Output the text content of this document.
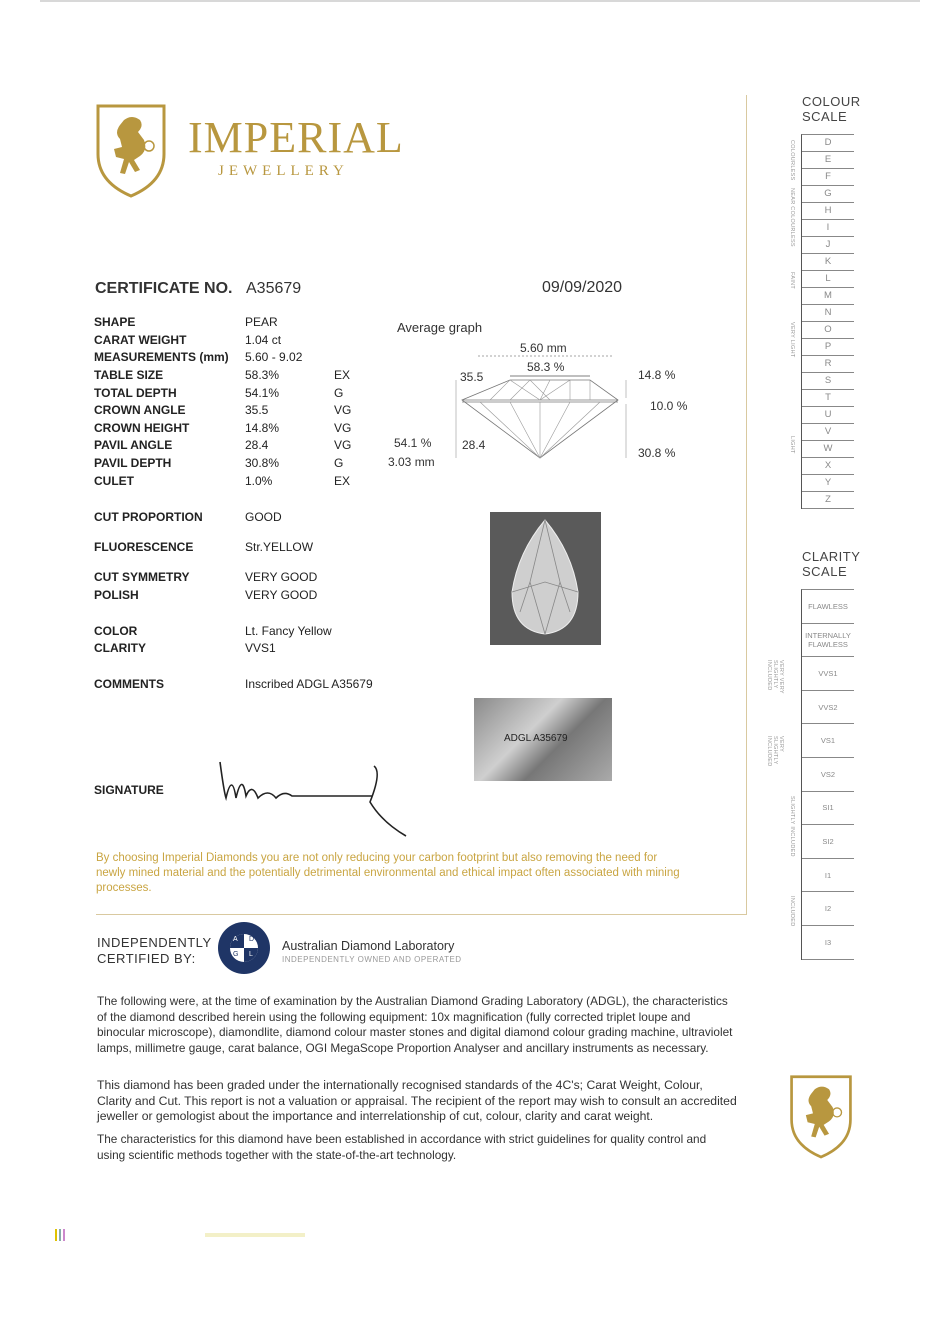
IMPERIAL
JEWELLERY
CERTIFICATE NO. A35679	09/09/2020
SHAPE	PEAR
CARAT WEIGHT	1.04 ct
MEASUREMENTS (mm) 5.60 - 9.02
TABLE SIZE	58.3%	EX
TOTAL DEPTH	54.1%	G
CROWN ANGLE	35.5	VG
CROWN HEIGHT	14.8%	VG
PAVIL ANGLE	28.4	VG
PAVIL DEPTH	30.8%	G
CULET	1.0%	EX
CUT PROPORTION	GOOD
FLUORESCENCE	Str.YELLOW
CUT SYMMETRY	VERY GOOD
POLISH	VERY GOOD
COLOR	Lt. Fancy Yellow
CLARITY	VVS1
COMMENTS	Inscribed ADGL A35679
Average graph
5.60 mm
58.3 %
35.5	14.8 %
10.0 %
28.4
54.1 %
3.03 mm
30.8 %
ADGL A35679
SIGNATURE
By choosing Imperial Diamonds you are not only reducing your carbon footprint but also removing the need for newly mined material and the potentially detrimental environmental and ethical impact often associated with mining processes.
INDEPENDENTLY
CERTIFIED BY:
A D
G L
Australian Diamond Laboratory
INDEPENDENTLY OWNED AND OPERATED
The following were, at the time of examination by the Australian Diamond Grading Laboratory (ADGL), the characteristics of the diamond described herein using the following equipment: 10x magnification (fully corrected triplet loupe and binocular microscope), diamondlite, diamond colour master stones and digital diamond colour grading machine, ultraviolet lamps, millimetre gauge, carat balance, OGI MegaScope Proportion Analyser and ancillary instruments as necessary.
This diamond has been graded under the internationally recognised standards of the 4C's; Carat Weight, Colour, Clarity and Cut. This report is not a valuation or appraisal. The recipient of the report may wish to consult an accredited jeweller or gemologist about the importance and interrelationship of cut, colour, clarity and carat weight.
The characteristics for this diamond have been established in accordance with strict guidelines for quality control and using scientific methods together with the state-of-the-art technology.
COLOUR
SCALE
D
E
F
G
H
I
J
K
L
M
N
O
P
R
S
T
U
V
W
X
Y
Z
COLOURLESS
NEAR COLOURLESS
FAINT
VERY LIGHT
LIGHT
CLARITY
SCALE
FLAWLESS
INTERNALLY FLAWLESS
VVS1
VVS2
VS1
VS2
SI1
SI2
I1
I2
I3
VERY VERY SLIGHTLY INCLUDED
VERY SLIGHTLY INCLUDED
SLIGHTLY INCLUDED
INCLUDED
